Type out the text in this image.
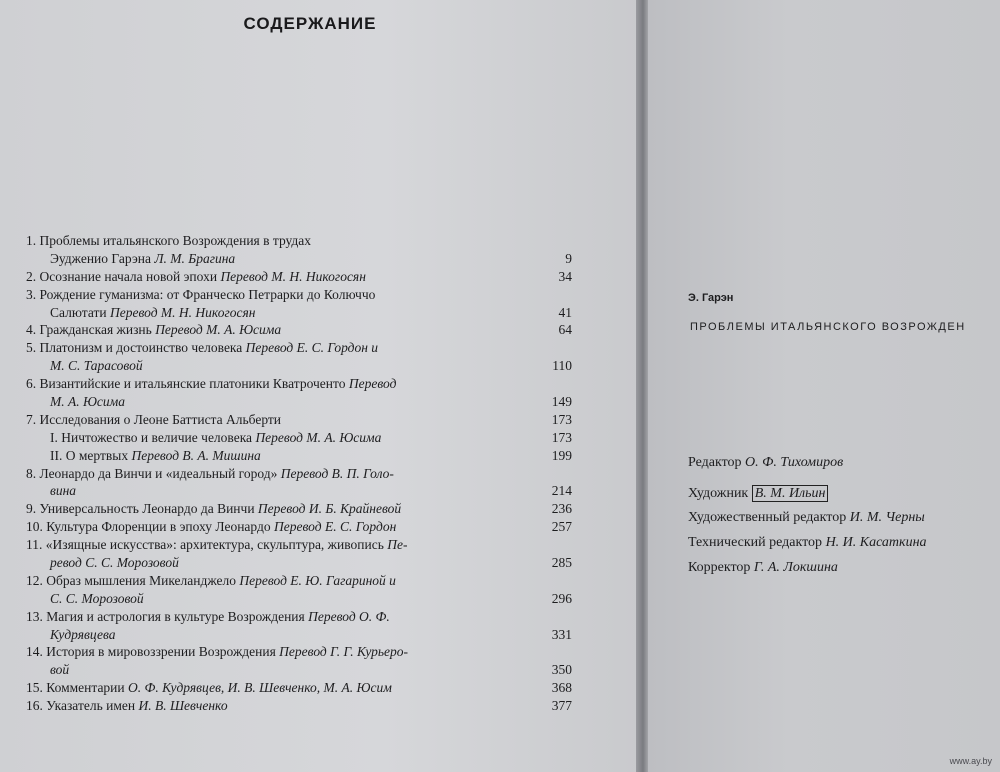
СОДЕРЖАНИЕ
1. Проблемы итальянского Возрождения в трудах
Эудженио Гарэна Л. М. Брагина	9
2. Осознание начала новой эпохи Перевод М. Н. Никогосян	34
3. Рождение гуманизма: от Франческо Петрарки до Колюччо
Салютати Перевод М. Н. Никогосян	41
4. Гражданская жизнь Перевод М. А. Юсима	64
5. Платонизм и достоинство человека Перевод Е. С. Гордон и
М. С. Тарасовой	110
6. Византийские и итальянские платоники Кватроченто Перевод
М. А. Юсима	149
7. Исследования о Леоне Баттиста Альберти	173
I. Ничтожество и величие человека Перевод М. А. Юсима	173
II. О мертвых Перевод В. А. Мишина	199
8. Леонардо да Винчи и «идеальный город» Перевод В. П. Голо-
вина	214
9. Универсальность Леонардо да Винчи Перевод И. Б. Крайневой	236
10. Культура Флоренции в эпоху Леонардо Перевод Е. С. Гордон	257
11. «Изящные искусства»: архитектура, скульптура, живопись Пе-
ревод С. С. Морозовой	285
12. Образ мышления Микеланджело Перевод Е. Ю. Гагариной и
С. С. Морозовой	296
13. Магия и астрология в культуре Возрождения Перевод О. Ф.
Кудрявцева	331
14. История в мировоззрении Возрождения Перевод Г. Г. Курьеро-
вой	350
15. Комментарии О. Ф. Кудрявцев, И. В. Шевченко, М. А. Юсим	368
16. Указатель имен И. В. Шевченко	377
Э. Гарэн
ПРОБЛЕМЫ ИТАЛЬЯНСКОГО ВОЗРОЖДЕН
Редактор О. Ф. Тихомиров
Художник В. М. Ильин
Художественный редактор И. М. Черны
Технический редактор Н. И. Касаткина
Корректор Г. А. Локшина
www.ay.by
